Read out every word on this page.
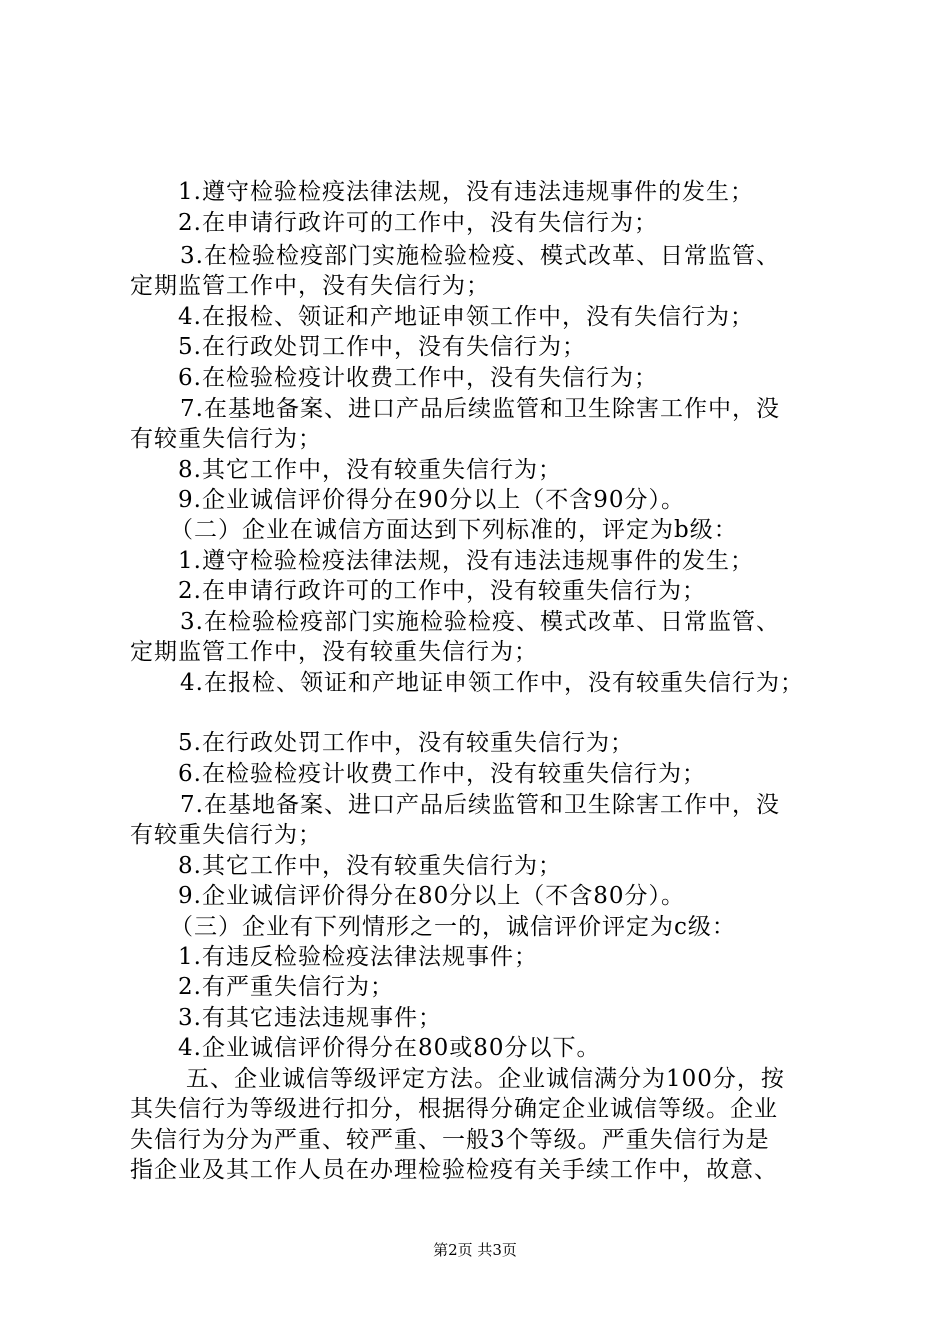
1.遵守检验检疫法律法规，没有违法违规事件的发生；
2.在申请行政许可的工作中，没有失信行为；
3.在检验检疫部门实施检验检疫、模式改革、日常监管、
定期监管工作中，没有失信行为；
4.在报检、领证和产地证申领工作中，没有失信行为；
5.在行政处罚工作中，没有失信行为；
6.在检验检疫计收费工作中，没有失信行为；
7.在基地备案、进口产品后续监管和卫生除害工作中，没
有较重失信行为；
8.其它工作中，没有较重失信行为；
9.企业诚信评价得分在90分以上（不含90分）。
（二）企业在诚信方面达到下列标准的，评定为b级：
1.遵守检验检疫法律法规，没有违法违规事件的发生；
2.在申请行政许可的工作中，没有较重失信行为；
3.在检验检疫部门实施检验检疫、模式改革、日常监管、
定期监管工作中，没有较重失信行为；
4.在报检、领证和产地证申领工作中，没有较重失信行为；
5.在行政处罚工作中，没有较重失信行为；
6.在检验检疫计收费工作中，没有较重失信行为；
7.在基地备案、进口产品后续监管和卫生除害工作中，没
有较重失信行为；
8.其它工作中，没有较重失信行为；
9.企业诚信评价得分在80分以上（不含80分）。
（三）企业有下列情形之一的，诚信评价评定为c级：
1.有违反检验检疫法律法规事件；
2.有严重失信行为；
3.有其它违法违规事件；
4.企业诚信评价得分在80或80分以下。
五、企业诚信等级评定方法。企业诚信满分为100分，按
其失信行为等级进行扣分，根据得分确定企业诚信等级。企业
失信行为分为严重、较严重、一般3个等级。严重失信行为是
指企业及其工作人员在办理检验检疫有关手续工作中，故意、
第2页 共3页
